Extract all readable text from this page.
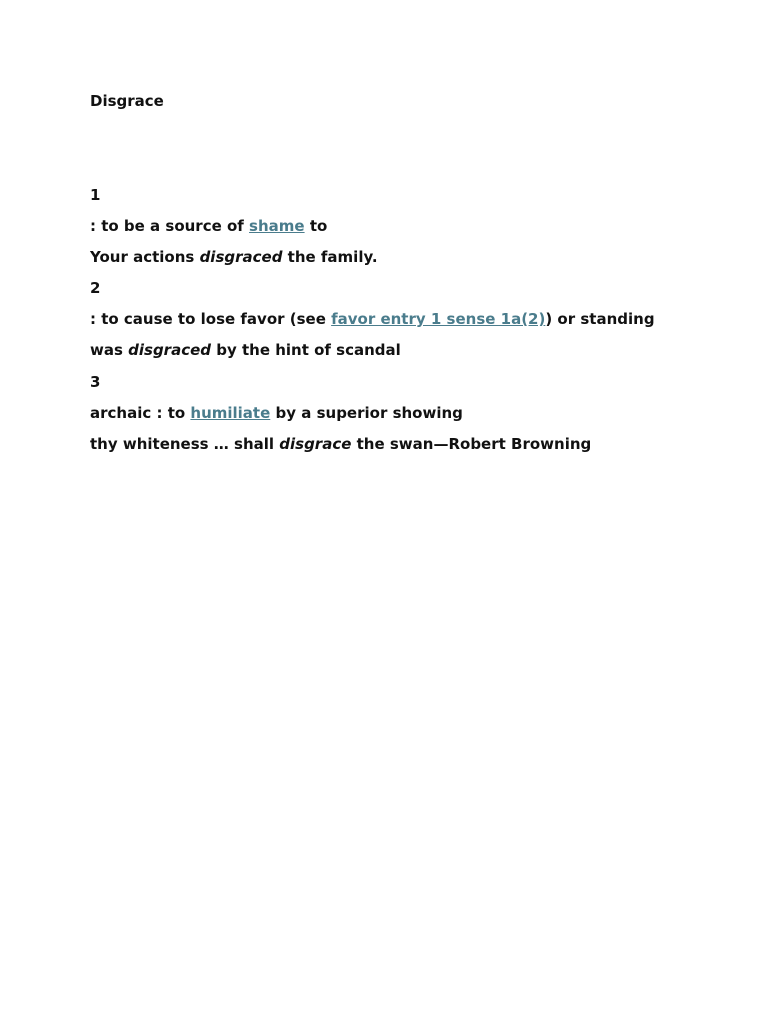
Disgrace
1
: to be a source of shame to
Your actions disgraced the family.
2
: to cause to lose favor (see favor entry 1 sense 1a(2)) or standing
was disgraced by the hint of scandal
3
archaic : to humiliate by a superior showing
thy whiteness … shall disgrace the swan—Robert Browning
